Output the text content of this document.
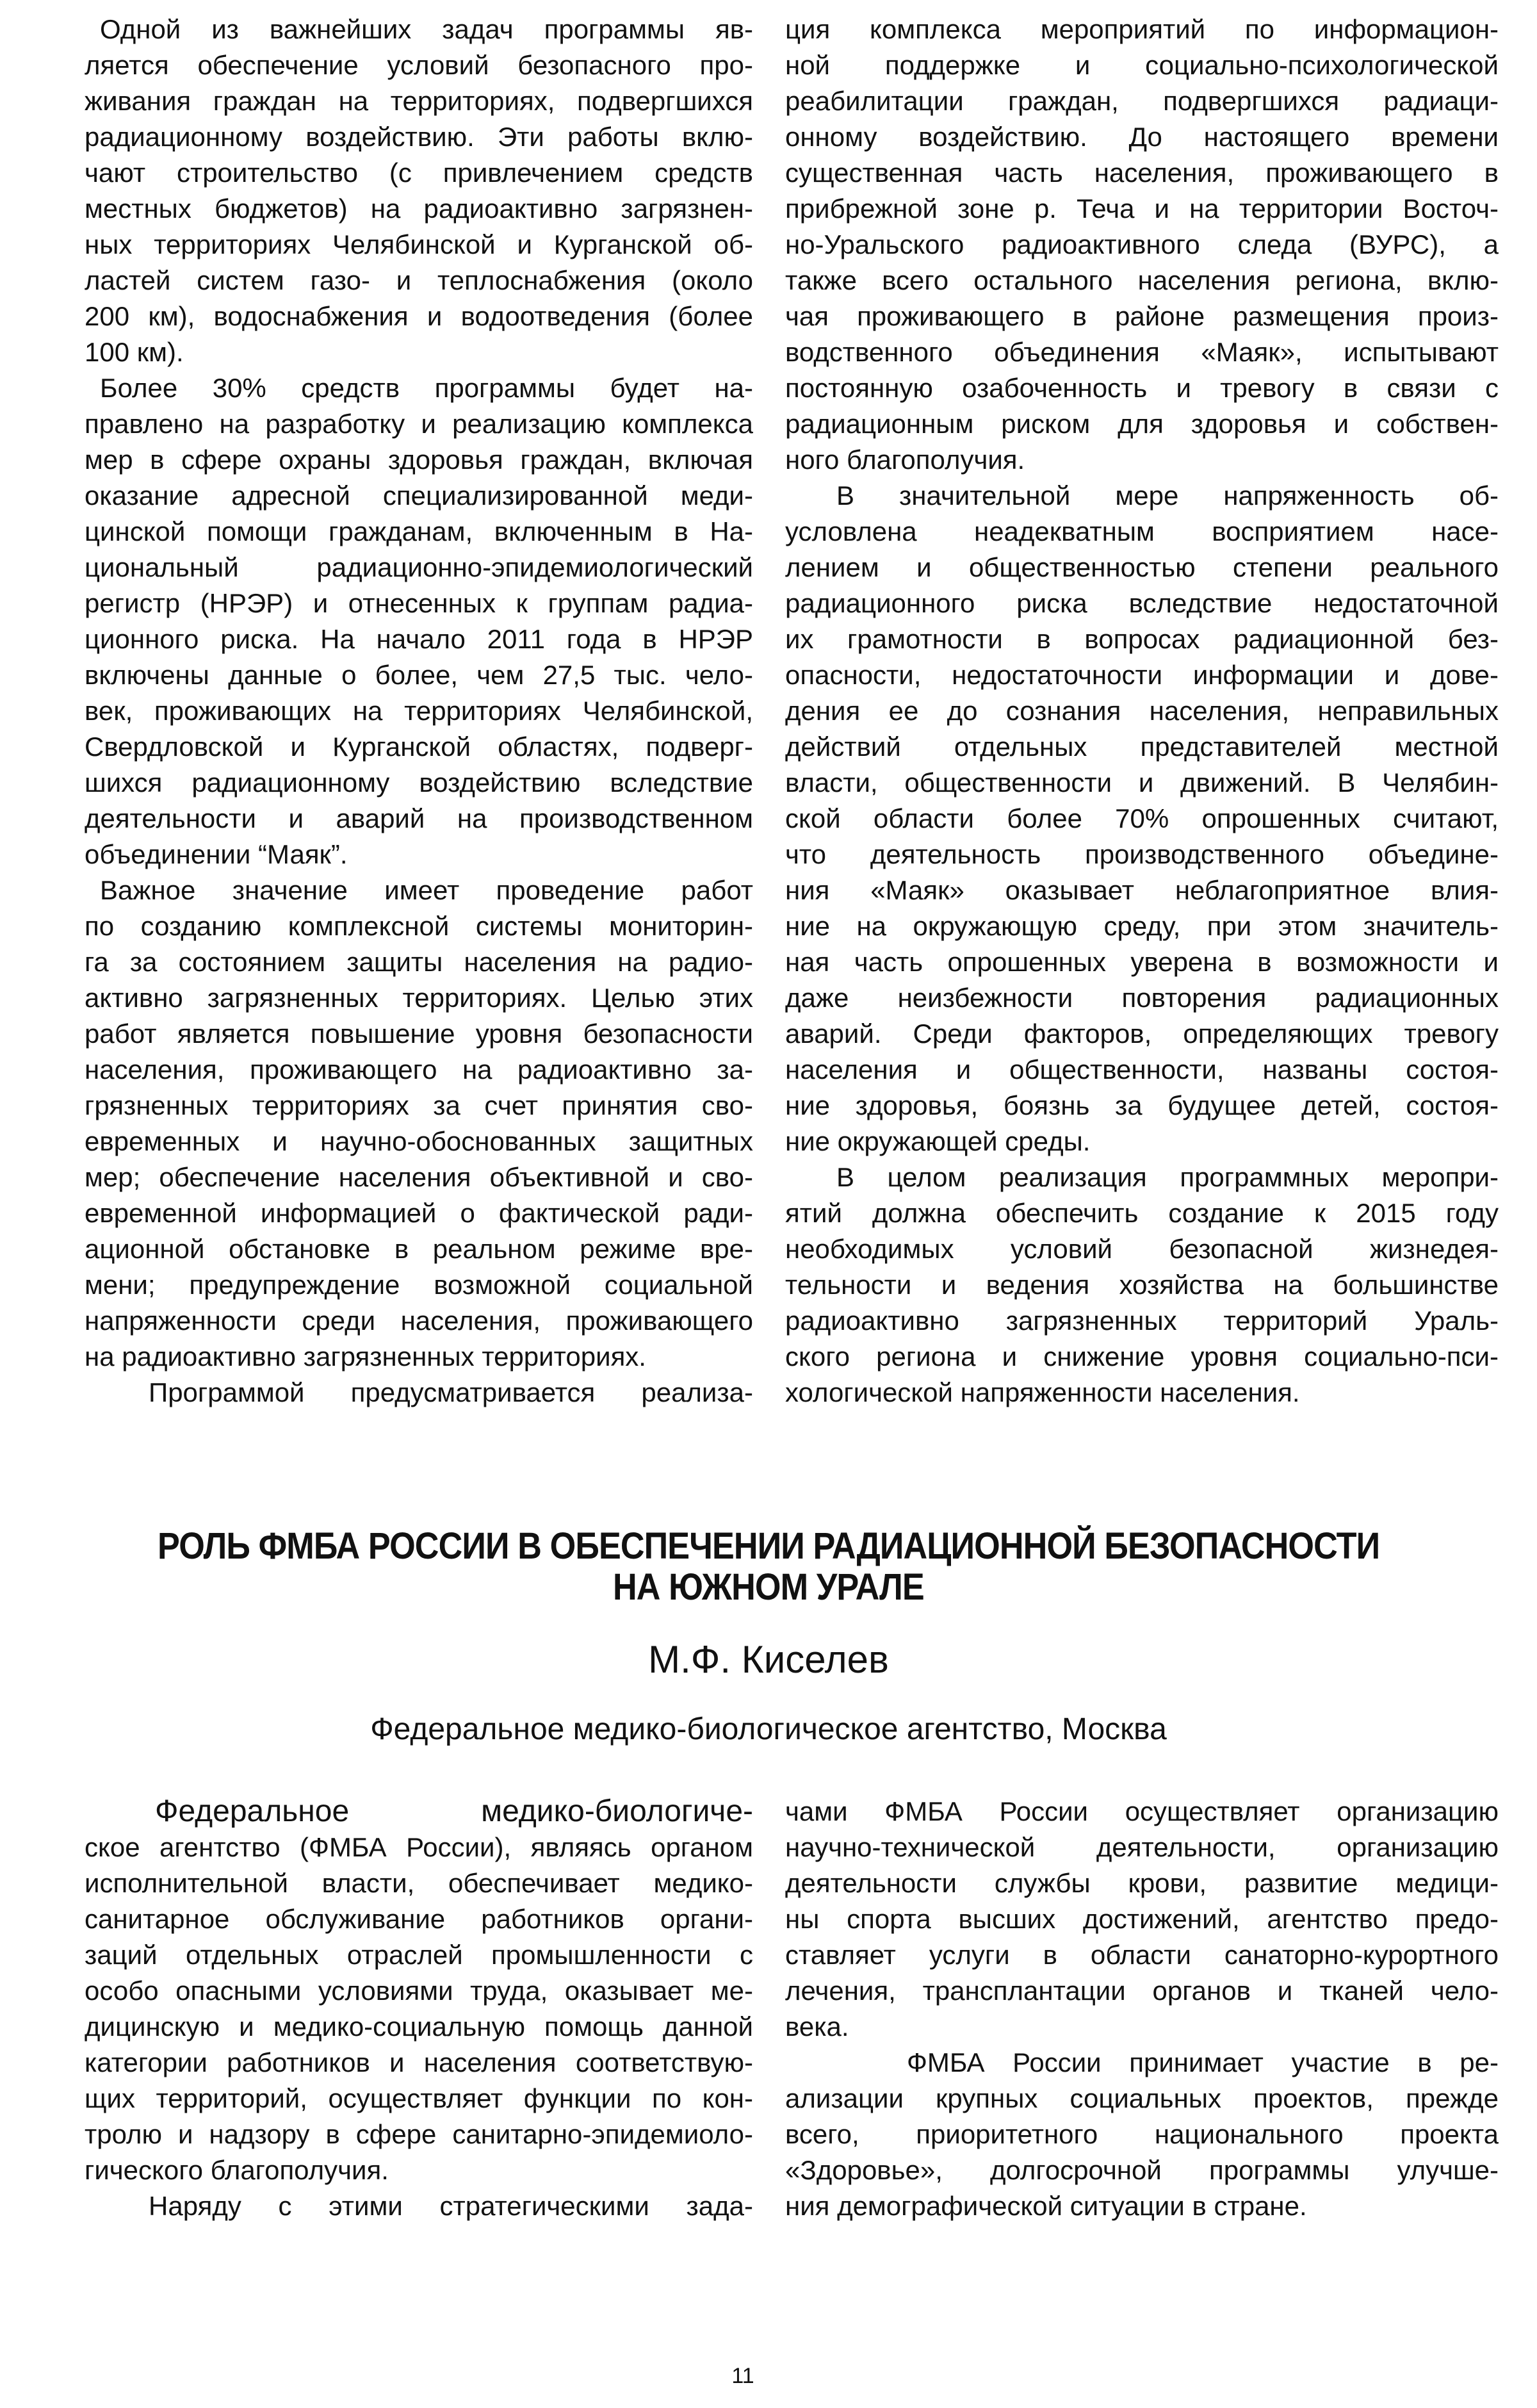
Одной из важнейших задач программы яв-
ляется обеспечение условий безопасного про-
живания граждан на территориях, подвергшихся
радиационному воздействию. Эти работы вклю-
чают строительство (с привлечением средств
местных бюджетов) на радиоактивно загрязнен-
ных территориях Челябинской и Курганской об-
ластей систем газо- и теплоснабжения (около
200 км), водоснабжения и водоотведения (более
100 км).
Более 30% средств программы будет на-
правлено на разработку и реализацию комплекса
мер в сфере охраны здоровья граждан, включая
оказание адресной специализированной меди-
цинской помощи гражданам, включенным в На-
циональный радиационно-эпидемиологический
регистр (НРЭР) и отнесенных к группам радиа-
ционного риска. На начало 2011 года в НРЭР
включены данные о более, чем 27,5 тыс. чело-
век, проживающих на территориях Челябинской,
Свердловской и Курганской областях, подверг-
шихся радиационному воздействию вследствие
деятельности и аварий на производственном
объединении “Маяк”.
Важное значение имеет проведение работ
по созданию комплексной системы мониторин-
га за состоянием защиты населения на радио-
активно загрязненных территориях. Целью этих
работ является повышение уровня безопасности
населения, проживающего на радиоактивно за-
грязненных территориях за счет принятия сво-
евременных и научно-обоснованных защитных
мер; обеспечение населения объективной и сво-
евременной информацией о фактической ради-
ационной обстановке в реальном режиме вре-
мени; предупреждение возможной социальной
напряженности среди населения, проживающего
на радиоактивно загрязненных территориях.
Программой предусматривается реализа-
ция комплекса мероприятий по информацион-
ной поддержке и социально-психологической
реабилитации граждан, подвергшихся радиаци-
онному воздействию. До настоящего времени
существенная часть населения, проживающего в
прибрежной зоне р. Теча и на территории Восточ-
но-Уральского радиоактивного следа (ВУРС), а
также всего остального населения региона, вклю-
чая проживающего в районе размещения произ-
водственного объединения «Маяк», испытывают
постоянную озабоченность и тревогу в связи с
радиационным риском для здоровья и собствен-
ного благополучия.
В значительной мере напряженность об-
условлена неадекватным восприятием насе-
лением и общественностью степени реального
радиационного риска вследствие недостаточной
их грамотности в вопросах радиационной без-
опасности, недостаточности информации и дове-
дения ее до сознания населения, неправильных
действий отдельных представителей местной
власти, общественности и движений. В Челябин-
ской области более 70% опрошенных считают,
что деятельность производственного объедине-
ния «Маяк» оказывает неблагоприятное влия-
ние на окружающую среду, при этом значитель-
ная часть опрошенных уверена в возможности и
даже неизбежности повторения радиационных
аварий. Среди факторов, определяющих тревогу
населения и общественности, названы состоя-
ние здоровья, боязнь за будущее детей, состоя-
ние окружающей среды.
В целом реализация программных меропри-
ятий должна обеспечить создание к 2015 году
необходимых условий безопасной жизнедея-
тельности и ведения хозяйства на большинстве
радиоактивно загрязненных территорий Ураль-
ского региона и снижение уровня социально-пси-
хологической напряженности населения.
РОЛЬ ФМБА РОССИИ В ОБЕСПЕЧЕНИИ РАДИАЦИОННОЙ БЕЗОПАСНОСТИ
НА ЮЖНОМ УРАЛЕ
М.Ф. Киселев
Федеральное медико-биологическое агентство, Москва
Федеральное медико-биологиче-
ское агентство (ФМБА России), являясь органом
исполнительной власти, обеспечивает медико-
санитарное обслуживание работников органи-
заций отдельных отраслей промышленности с
особо опасными условиями труда, оказывает ме-
дицинскую и медико-социальную помощь данной
категории работников и населения соответствую-
щих территорий, осуществляет функции по кон-
тролю и надзору в сфере санитарно-эпидемиоло-
гического благополучия.
Наряду с этими стратегическими зада-
чами ФМБА России осуществляет организацию
научно-технической деятельности, организацию
деятельности службы крови, развитие медици-
ны спорта высших достижений, агентство предо-
ставляет услуги в области санаторно-курортного
лечения, трансплантации органов и тканей чело-
века.
ФМБА России принимает участие в ре-
ализации крупных социальных проектов, прежде
всего, приоритетного национального проекта
«Здоровье», долгосрочной программы улучше-
ния демографической ситуации в стране.
11
